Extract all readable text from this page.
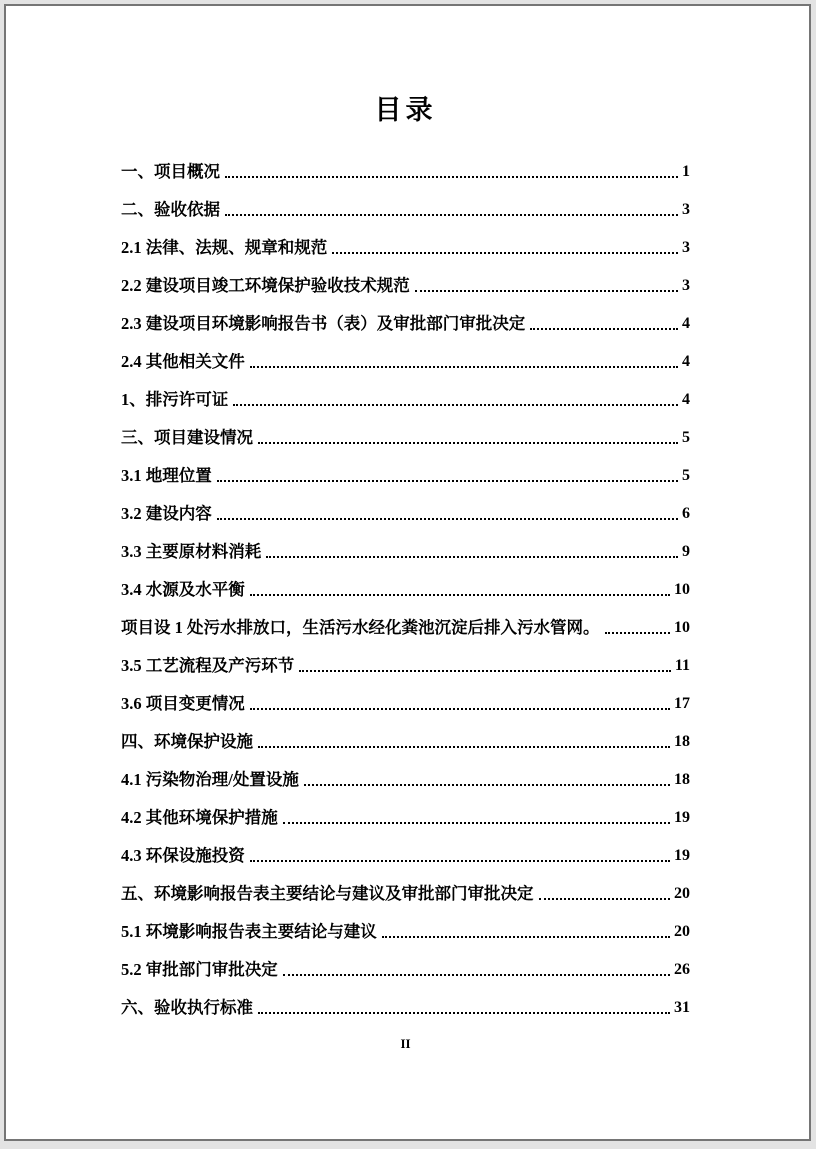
目录
一、项目概况	1
二、验收依据	3
2.1 法律、法规、规章和规范	3
2.2 建设项目竣工环境保护验收技术规范	3
2.3 建设项目环境影响报告书（表）及审批部门审批决定	4
2.4 其他相关文件	4
1、排污许可证	4
三、项目建设情况	5
3.1 地理位置	5
3.2 建设内容	6
3.3 主要原材料消耗	9
3.4 水源及水平衡	10
项目设 1 处污水排放口，生活污水经化粪池沉淀后排入污水管网。	10
3.5 工艺流程及产污环节	11
3.6 项目变更情况	17
四、环境保护设施	18
4.1 污染物治理/处置设施	18
4.2 其他环境保护措施	19
4.3 环保设施投资	19
五、环境影响报告表主要结论与建议及审批部门审批决定	20
5.1 环境影响报告表主要结论与建议	20
5.2 审批部门审批决定	26
六、验收执行标准	31
II
